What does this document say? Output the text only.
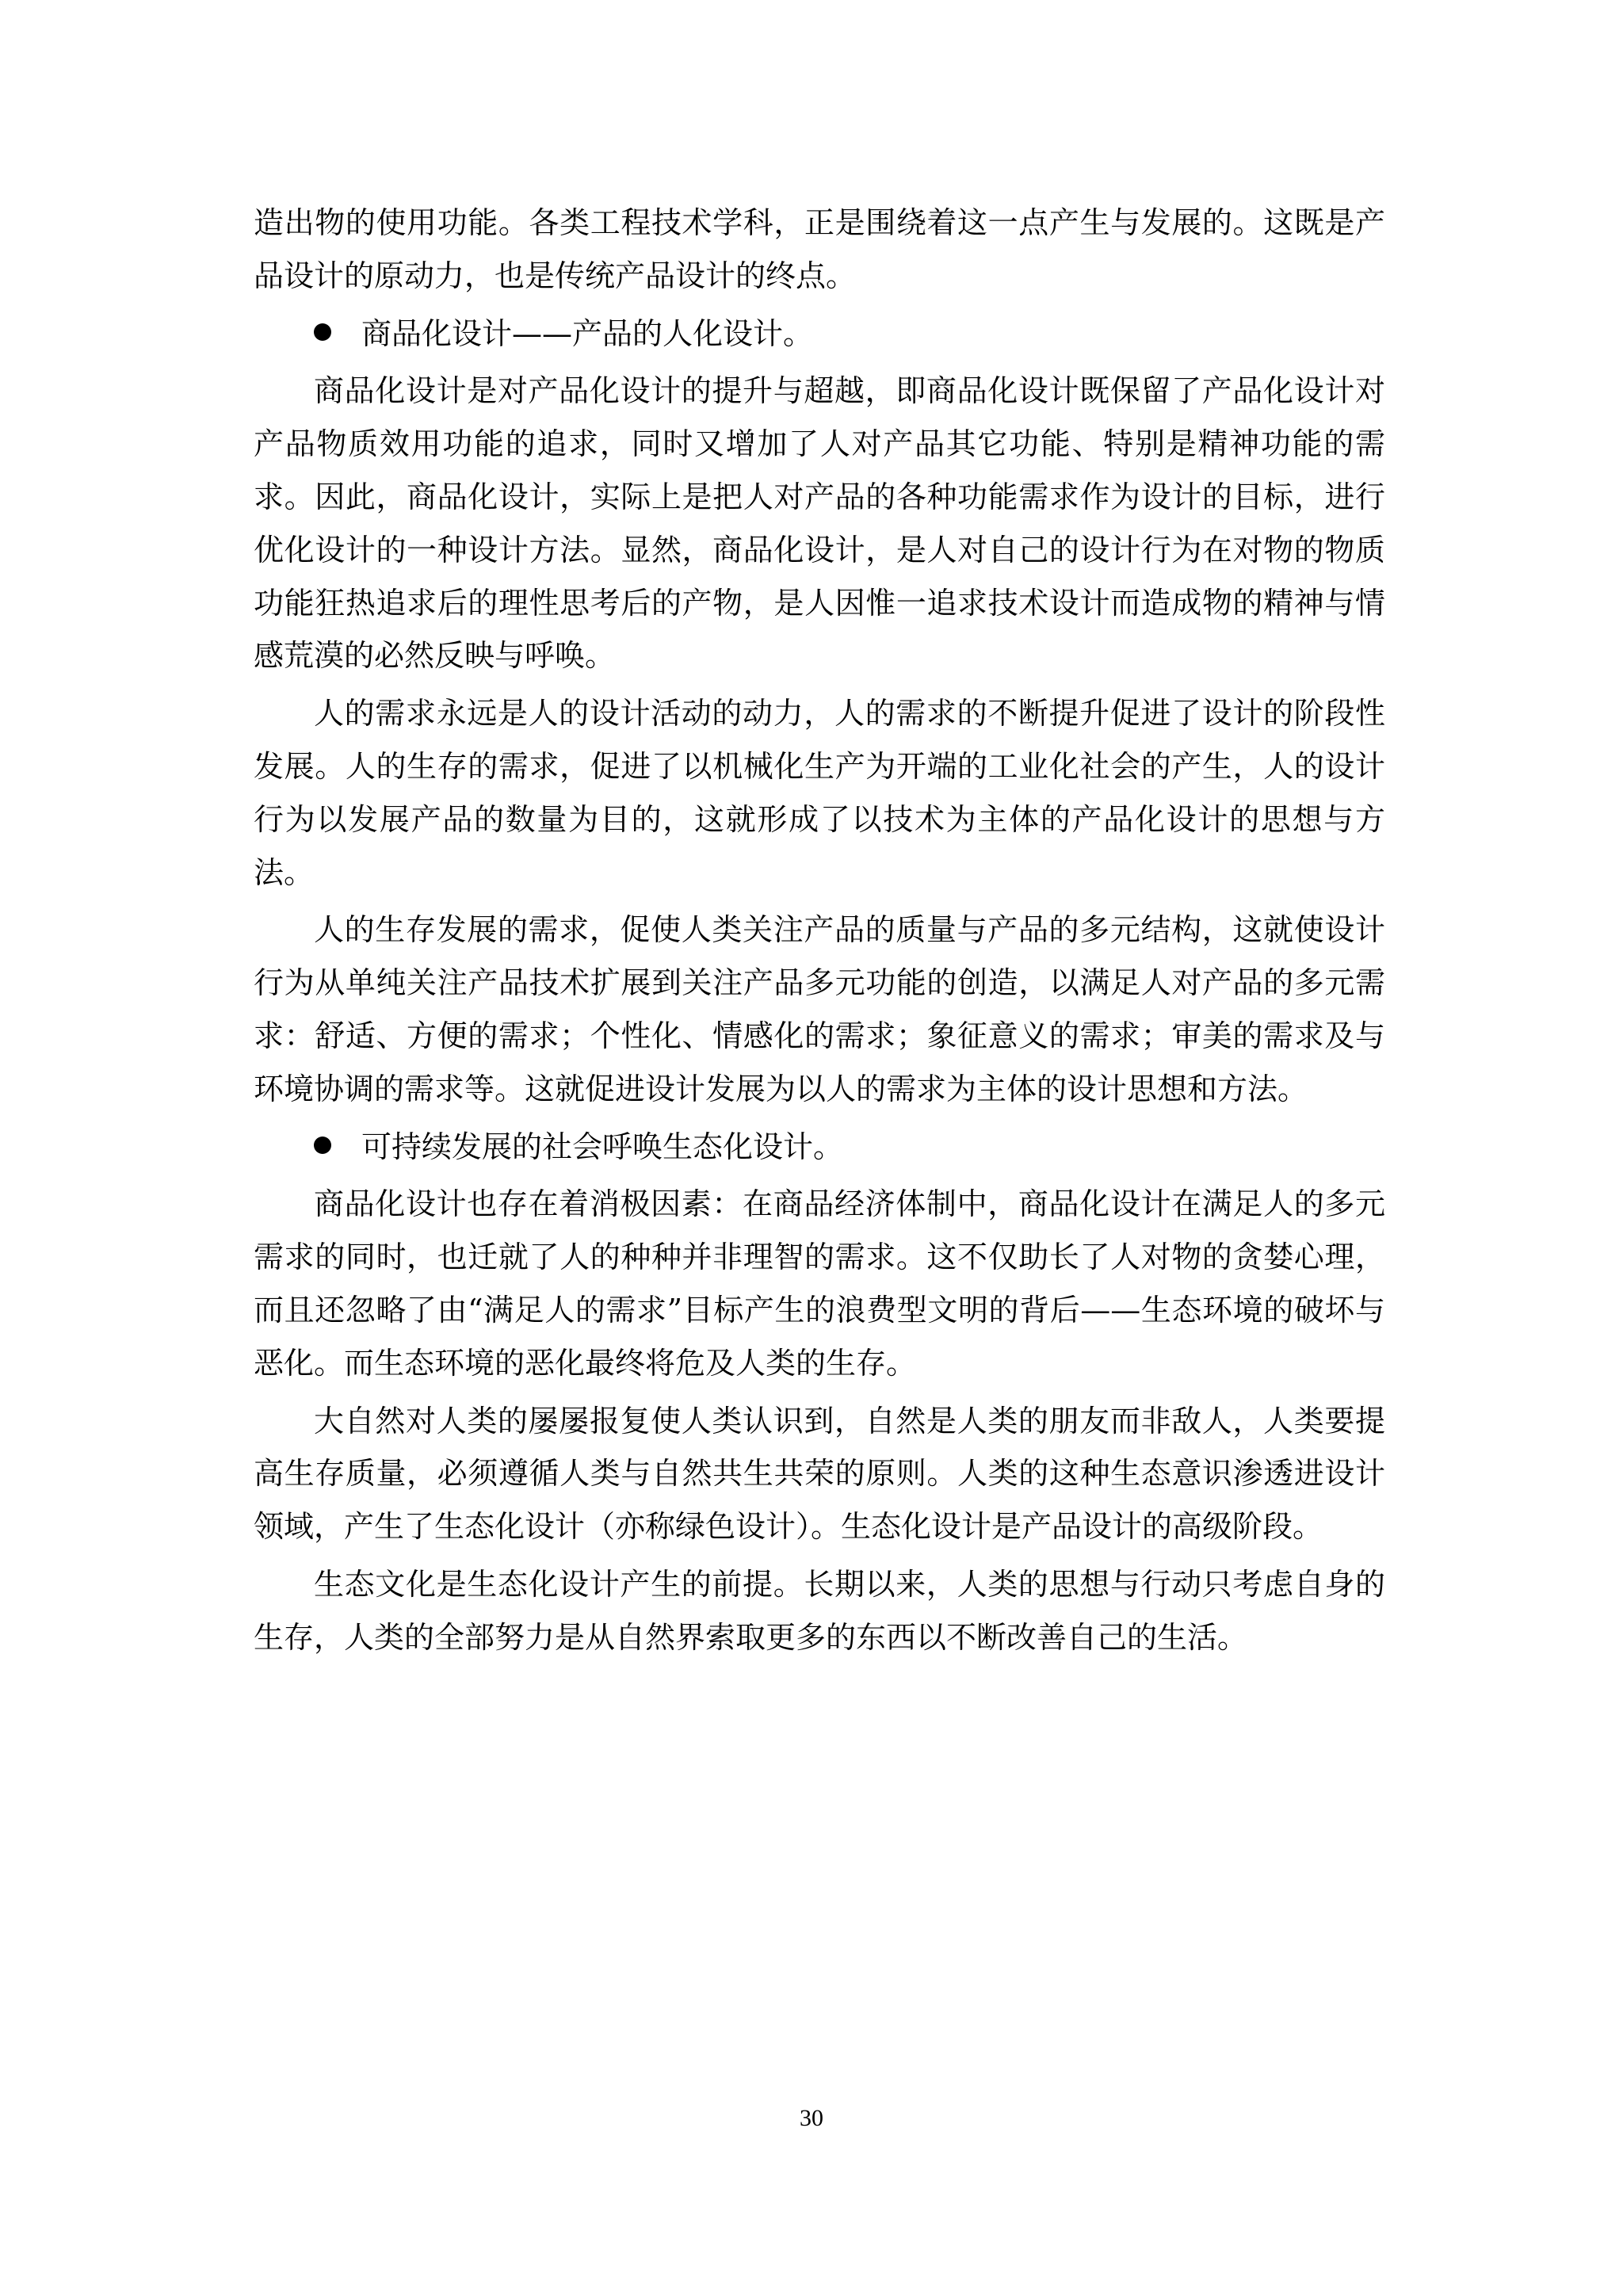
造出物的使用功能。各类工程技术学科，正是围绕着这一点产生与发展的。这既是产品设计的原动力，也是传统产品设计的终点。

商品化设计——产品的人化设计。

商品化设计是对产品化设计的提升与超越，即商品化设计既保留了产品化设计对产品物质效用功能的追求，同时又增加了人对产品其它功能、特别是精神功能的需求。因此，商品化设计，实际上是把人对产品的各种功能需求作为设计的目标，进行优化设计的一种设计方法。显然，商品化设计，是人对自己的设计行为在对物的物质功能狂热追求后的理性思考后的产物，是人因惟一追求技术设计而造成物的精神与情感荒漠的必然反映与呼唤。

人的需求永远是人的设计活动的动力，人的需求的不断提升促进了设计的阶段性发展。人的生存的需求，促进了以机械化生产为开端的工业化社会的产生，人的设计行为以发展产品的数量为目的，这就形成了以技术为主体的产品化设计的思想与方法。

人的生存发展的需求，促使人类关注产品的质量与产品的多元结构，这就使设计行为从单纯关注产品技术扩展到关注产品多元功能的创造，以满足人对产品的多元需求：舒适、方便的需求；个性化、情感化的需求；象征意义的需求；审美的需求及与环境协调的需求等。这就促进设计发展为以人的需求为主体的设计思想和方法。

可持续发展的社会呼唤生态化设计。

商品化设计也存在着消极因素：在商品经济体制中，商品化设计在满足人的多元需求的同时，也迁就了人的种种并非理智的需求。这不仅助长了人对物的贪婪心理，而且还忽略了由“满足人的需求”目标产生的浪费型文明的背后——生态环境的破坏与恶化。而生态环境的恶化最终将危及人类的生存。

大自然对人类的屡屡报复使人类认识到，自然是人类的朋友而非敌人，人类要提高生存质量，必须遵循人类与自然共生共荣的原则。人类的这种生态意识渗透进设计领域，产生了生态化设计（亦称绿色设计）。生态化设计是产品设计的高级阶段。

生态文化是生态化设计产生的前提。长期以来，人类的思想与行动只考虑自身的生存，人类的全部努力是从自然界索取更多的东西以不断改善自己的生活。

30
